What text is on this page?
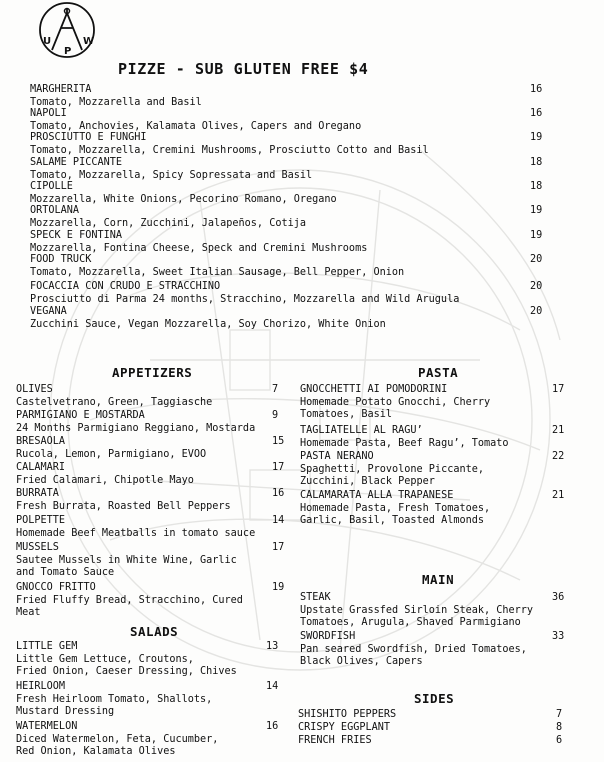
U
P
W
PIZZE - SUB GLUTEN FREE $4
MARGHERITA
Tomato, Mozzarella and Basil
16
NAPOLI
Tomato, Anchovies, Kalamata Olives, Capers and Oregano
16
PROSCIUTTO E FUNGHI
Tomato, Mozzarella, Cremini Mushrooms, Prosciutto Cotto and Basil
19
SALAME PICCANTE
Tomato, Mozzarella, Spicy Sopressata and Basil
18
CIPOLLE
Mozzarella, White Onions, Pecorino Romano, Oregano
18
ORTOLANA
Mozzarella, Corn, Zucchini, Jalapeños, Cotija
19
SPECK E FONTINA
Mozzarella, Fontina Cheese, Speck and Cremini Mushrooms
19
FOOD TRUCK
Tomato, Mozzarella, Sweet Italian Sausage, Bell Pepper, Onion
20
FOCACCIA CON CRUDO E STRACCHINO
Prosciutto di Parma 24 months, Stracchino, Mozzarella and Wild Arugula
20
VEGANA
Zucchini Sauce, Vegan Mozzarella, Soy Chorizo, White Onion
20
OLIVES
Castelvetrano, Green, Taggiasche
7
PARMIGIANO E MOSTARDA
24 Months Parmigiano Reggiano, Mostarda
9
BRESAOLA
Rucola, Lemon, Parmigiano, EVOO
15
CALAMARI
Fried Calamari, Chipotle Mayo
17
BURRATA
Fresh Burrata, Roasted Bell Peppers
16
POLPETTE
Homemade Beef Meatballs in tomato sauce
14
MUSSELS
Sautee Mussels in White Wine, Garlic
and Tomato Sauce
17
GNOCCO FRITTO
Fried Fluffy Bread, Stracchino, Cured
Meat
19
LITTLE GEM
Little Gem Lettuce, Croutons,
Fried Onion, Caeser Dressing, Chives
13
HEIRLOOM
Fresh Heirloom Tomato, Shallots,
Mustard Dressing
14
WATERMELON
Diced Watermelon, Feta, Cucumber,
Red Onion, Kalamata Olives
16
GNOCCHETTI AI POMODORINI
Homemade Potato Gnocchi, Cherry
Tomatoes, Basil
17
TAGLIATELLE AL RAGU’
Homemade Pasta, Beef Ragu’, Tomato
21
PASTA NERANO
Spaghetti, Provolone Piccante,
Zucchini, Black Pepper
22
CALAMARATA ALLA TRAPANESE
Homemade Pasta, Fresh Tomatoes,
Garlic, Basil, Toasted Almonds
21
STEAK
Upstate Grassfed Sirloin Steak, Cherry
Tomatoes, Arugula, Shaved Parmigiano
36
SWORDFISH
Pan seared Swordfish, Dried Tomatoes,
Black Olives, Capers
33
SHISHITO PEPPERS	7
CRISPY EGGPLANT	8
FRENCH FRIES	6
APPETIZERS
SALADS
PASTA
MAIN
SIDES
